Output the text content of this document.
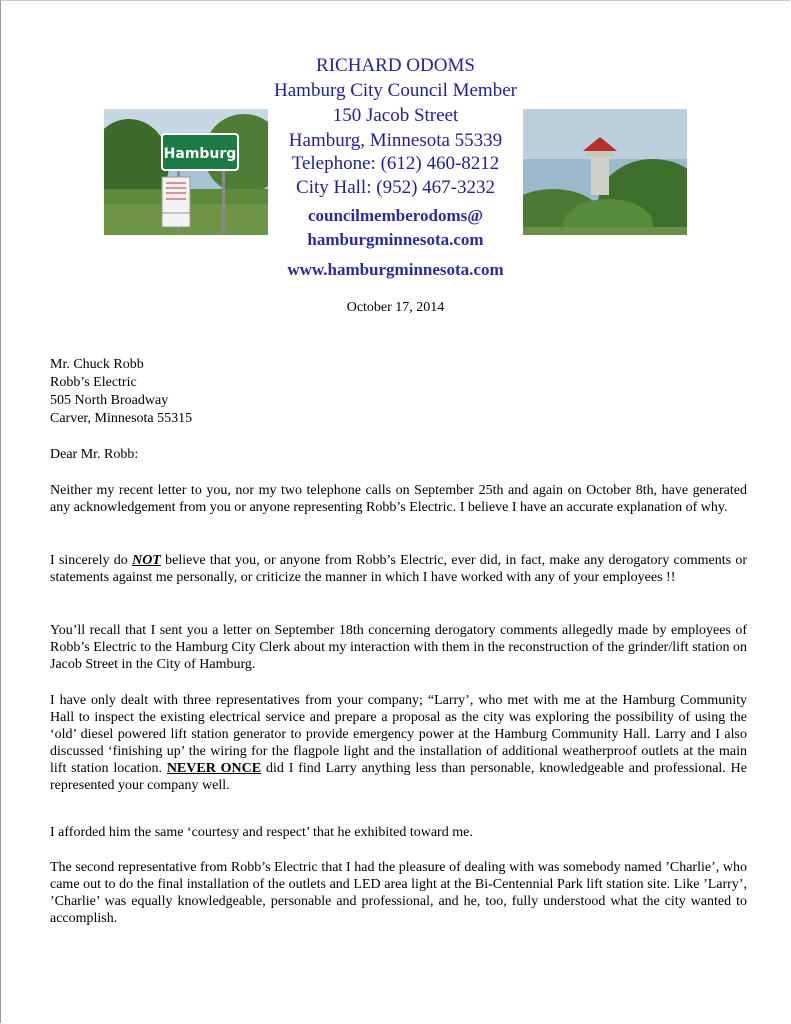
RICHARD ODOMS
Hamburg City Council Member
150 Jacob Street
Hamburg, Minnesota 55339
Telephone: (612) 460-8212
City Hall: (952) 467-3232
councilmemberodoms@
hamburgminnesota.com
www.hamburgminnesota.com
Hamburg
October 17, 2014
Mr. Chuck Robb
Robb’s Electric
505 North Broadway
Carver, Minnesota 55315
Dear Mr. Robb:
Neither my recent letter to you, nor my two telephone calls on September 25th and again on October 8th, have generated any acknowledgement from you or anyone representing Robb’s Electric. I believe I have an accurate explanation of why.
I sincerely do NOT believe that you, or anyone from Robb’s Electric, ever did, in fact, make any derogatory comments or statements against me personally, or criticize the manner in which I have worked with any of your employees !!
You’ll recall that I sent you a letter on September 18th concerning derogatory comments allegedly made by employees of Robb’s Electric to the Hamburg City Clerk about my interaction with them in the reconstruction of the grinder/lift station on Jacob Street in the City of Hamburg.
I have only dealt with three representatives from your company; “Larry’, who met with me at the Hamburg Community Hall to inspect the existing electrical service and prepare a proposal as the city was exploring the possibility of using the ‘old’ diesel powered lift station generator to provide emergency power at the Hamburg Community Hall. Larry and I also discussed ‘finishing up’ the wiring for the flagpole light and the installation of additional weatherproof outlets at the main lift station location. NEVER ONCE did I find Larry anything less than personable, knowledgeable and professional. He represented your company well.
I afforded him the same ‘courtesy and respect’ that he exhibited toward me.
The second representative from Robb’s Electric that I had the pleasure of dealing with was somebody named ’Charlie’, who came out to do the final installation of the outlets and LED area light at the Bi-Centennial Park lift station site. Like ’Larry’, ’Charlie’ was equally knowledgeable, personable and professional, and he, too, fully understood what the city wanted to accomplish.
